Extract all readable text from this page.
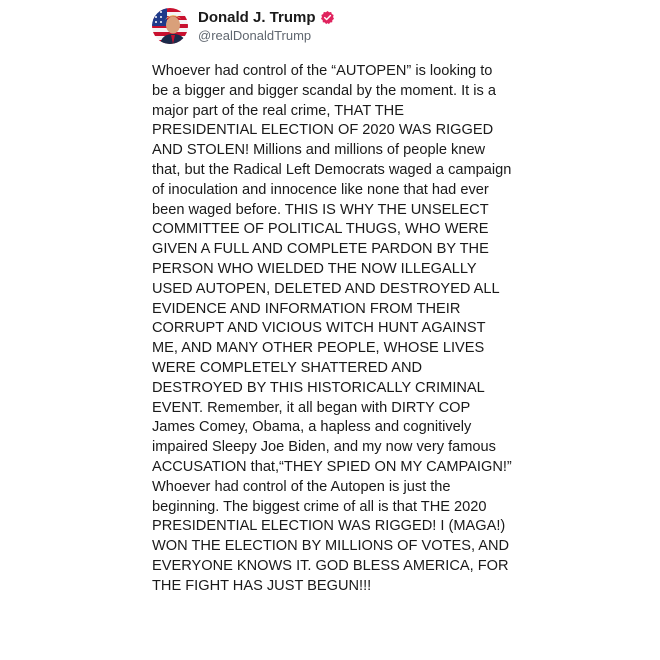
Donald J. Trump
@realDonaldTrump

Whoever had control of the “AUTOPEN” is looking to be a bigger and bigger scandal by the moment. It is a major part of the real crime, THAT THE PRESIDENTIAL ELECTION OF 2020 WAS RIGGED AND STOLEN! Millions and millions of people knew that, but the Radical Left Democrats waged a campaign of inoculation and innocence like none that had ever been waged before. THIS IS WHY THE UNSELECT COMMITTEE OF POLITICAL THUGS, WHO WERE GIVEN A FULL AND COMPLETE PARDON BY THE PERSON WHO WIELDED THE NOW ILLEGALLY USED AUTOPEN, DELETED AND DESTROYED ALL EVIDENCE AND INFORMATION FROM THEIR CORRUPT AND VICIOUS WITCH HUNT AGAINST ME, AND MANY OTHER PEOPLE, WHOSE LIVES WERE COMPLETELY SHATTERED AND DESTROYED BY THIS HISTORICALLY CRIMINAL EVENT. Remember, it all began with DIRTY COP James Comey, Obama, a hapless and cognitively impaired Sleepy Joe Biden, and my now very famous ACCUSATION that,“THEY SPIED ON MY CAMPAIGN!” Whoever had control of the Autopen is just the beginning. The biggest crime of all is that THE 2020 PRESIDENTIAL ELECTION WAS RIGGED! I (MAGA!) WON THE ELECTION BY MILLIONS OF VOTES, AND EVERYONE KNOWS IT. GOD BLESS AMERICA, FOR THE FIGHT HAS JUST BEGUN!!!
